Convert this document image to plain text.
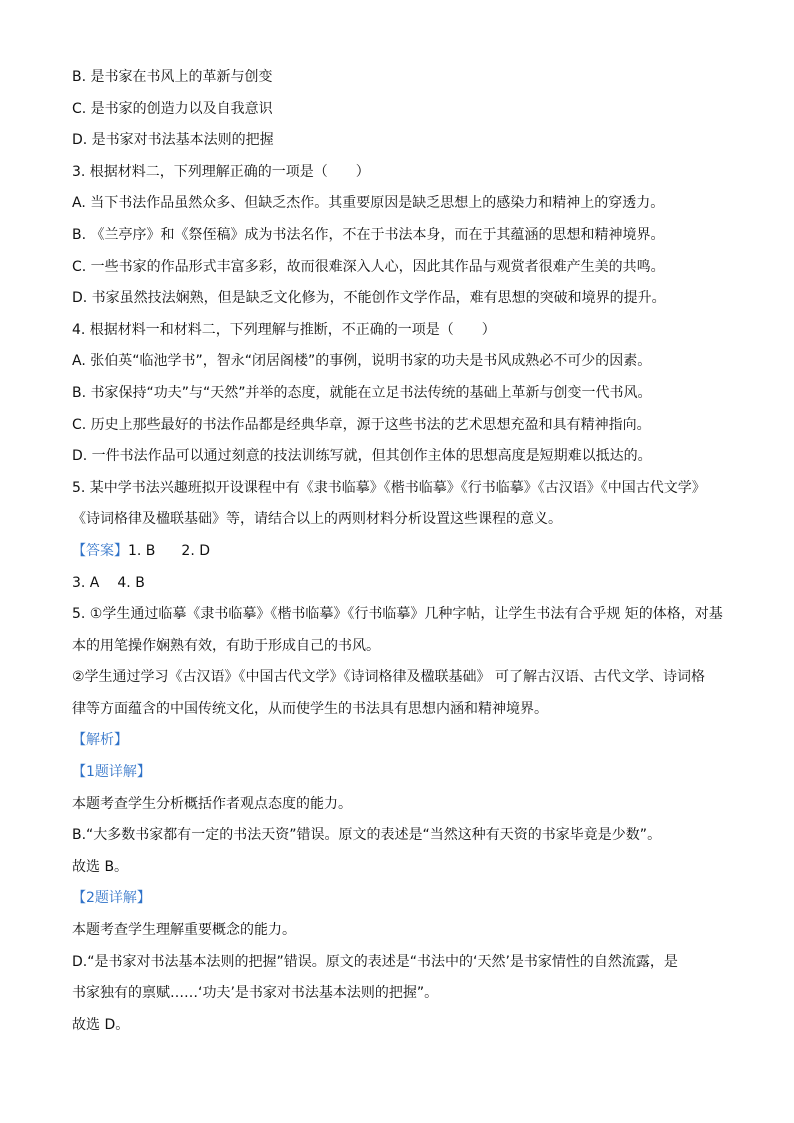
B. 是书家在书风上的革新与创变
C. 是书家的创造力以及自我意识
D. 是书家对书法基本法则的把握
3. 根据材料二，下列理解正确的一项是（　　）
A. 当下书法作品虽然众多、但缺乏杰作。其重要原因是缺乏思想上的感染力和精神上的穿透力。
B. 《兰亭序》和《祭侄稿》成为书法名作，不在于书法本身，而在于其蕴涵的思想和精神境界。
C. 一些书家的作品形式丰富多彩，故而很难深入人心，因此其作品与观赏者很难产生美的共鸣。
D. 书家虽然技法娴熟，但是缺乏文化修为，不能创作文学作品，难有思想的突破和境界的提升。
4. 根据材料一和材料二，下列理解与推断，不正确的一项是（　　）
A. 张伯英“临池学书”，智永“闭居阁楼”的事例，说明书家的功夫是书风成熟必不可少的因素。
B. 书家保持“功夫”与“天然”并举的态度，就能在立足书法传统的基础上革新与创变一代书风。
C. 历史上那些最好的书法作品都是经典华章，源于这些书法的艺术思想充盈和具有精神指向。
D. 一件书法作品可以通过刻意的技法训练写就，但其创作主体的思想高度是短期难以抵达的。
5. 某中学书法兴趣班拟开设课程中有《隶书临摹》《楷书临摹》《行书临摹》《古汉语》《中国古代文学》
《诗词格律及楹联基础》等，请结合以上的两则材料分析设置这些课程的意义。
【答案】1. B 2. D
3. A 4. B
5. ①学生通过临摹《隶书临摹》《楷书临摹》《行书临摹》几种字帖，让学生书法有合乎规 矩的体格，对基
本的用笔操作娴熟有效，有助于形成自己的书风。
②学生通过学习《古汉语》《中国古代文学》《诗词格律及楹联基础》 可了解古汉语、古代文学、诗词格
律等方面蕴含的中国传统文化，从而使学生的书法具有思想内涵和精神境界。
【解析】
【1题详解】
本题考查学生分析概括作者观点态度的能力。
B.“大多数书家都有一定的书法天资”错误。原文的表述是“当然这种有天资的书家毕竟是少数”。
故选 B。
【2题详解】
本题考查学生理解重要概念的能力。
D.“是书家对书法基本法则的把握”错误。原文的表述是“书法中的‘天然’是书家情性的自然流露，是
书家独有的禀赋……‘功夫’是书家对书法基本法则的把握”。
故选 D。
